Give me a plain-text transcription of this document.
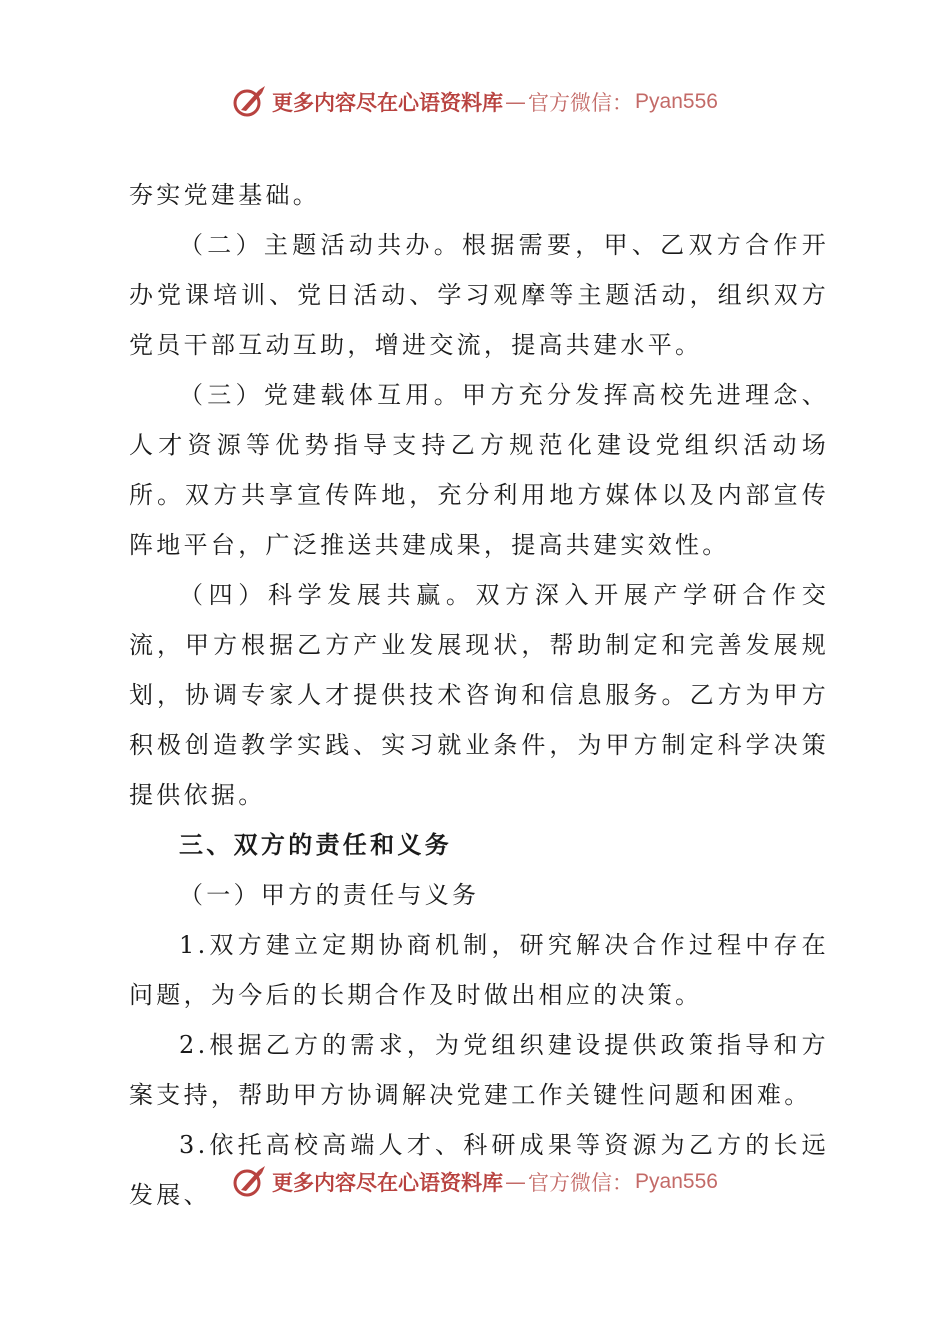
更多内容尽在心语资料库 — 官方微信： Pyan556

夯实党建基础。

（二）主题活动共办。根据需要，甲、乙双方合作开办党课培训、党日活动、学习观摩等主题活动，组织双方党员干部互动互助，增进交流，提高共建水平。

（三）党建载体互用。甲方充分发挥高校先进理念、人才资源等优势指导支持乙方规范化建设党组织活动场所。双方共享宣传阵地，充分利用地方媒体以及内部宣传阵地平台，广泛推送共建成果，提高共建实效性。

（四）科学发展共赢。双方深入开展产学研合作交流，甲方根据乙方产业发展现状，帮助制定和完善发展规划，协调专家人才提供技术咨询和信息服务。乙方为甲方积极创造教学实践、实习就业条件，为甲方制定科学决策提供依据。

三、双方的责任和义务

（一）甲方的责任与义务

1.双方建立定期协商机制，研究解决合作过程中存在问题，为今后的长期合作及时做出相应的决策。

2.根据乙方的需求，为党组织建设提供政策指导和方案支持，帮助甲方协调解决党建工作关键性问题和困难。

3.依托高校高端人才、科研成果等资源为乙方的长远发展、	更多内容尽在心语资料库 — 官方微信： Pyan556
